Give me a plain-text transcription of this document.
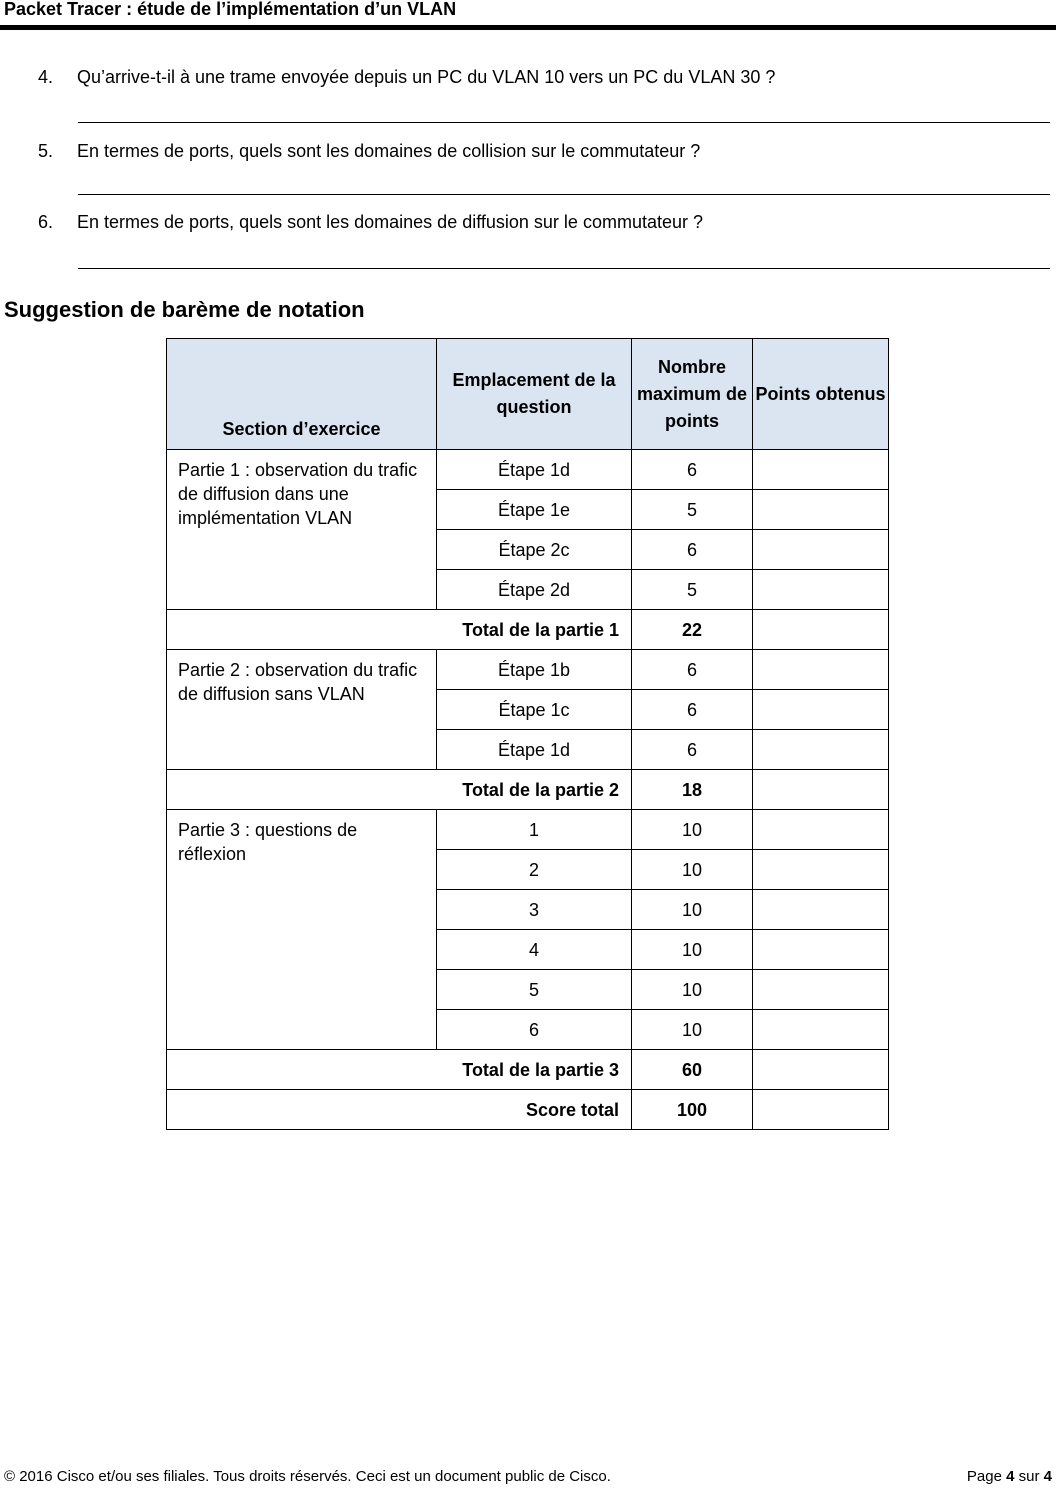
Packet Tracer : étude de l’implémentation d’un VLAN
4. Qu’arrive-t-il à une trame envoyée depuis un PC du VLAN 10 vers un PC du VLAN 30 ?
5. En termes de ports, quels sont les domaines de collision sur le commutateur ?
6. En termes de ports, quels sont les domaines de diffusion sur le commutateur ?
Suggestion de barème de notation
Section d’exercice	Emplacement de la question	Nombre maximum de points	Points obtenus
Partie 1 : observation du trafic de diffusion dans une implémentation VLAN	Étape 1d	6	
	Étape 1e	5	
	Étape 2c	6	
	Étape 2d	5	
Total de la partie 1		22	
Partie 2 : observation du trafic de diffusion sans VLAN	Étape 1b	6	
	Étape 1c	6	
	Étape 1d	6	
Total de la partie 2		18	
Partie 3 : questions de réflexion	1	10	
	2	10	
	3	10	
	4	10	
	5	10	
	6	10	
Total de la partie 3		60	
Score total		100	
© 2016 Cisco et/ou ses filiales. Tous droits réservés. Ceci est un document public de Cisco.	Page 4 sur 4
